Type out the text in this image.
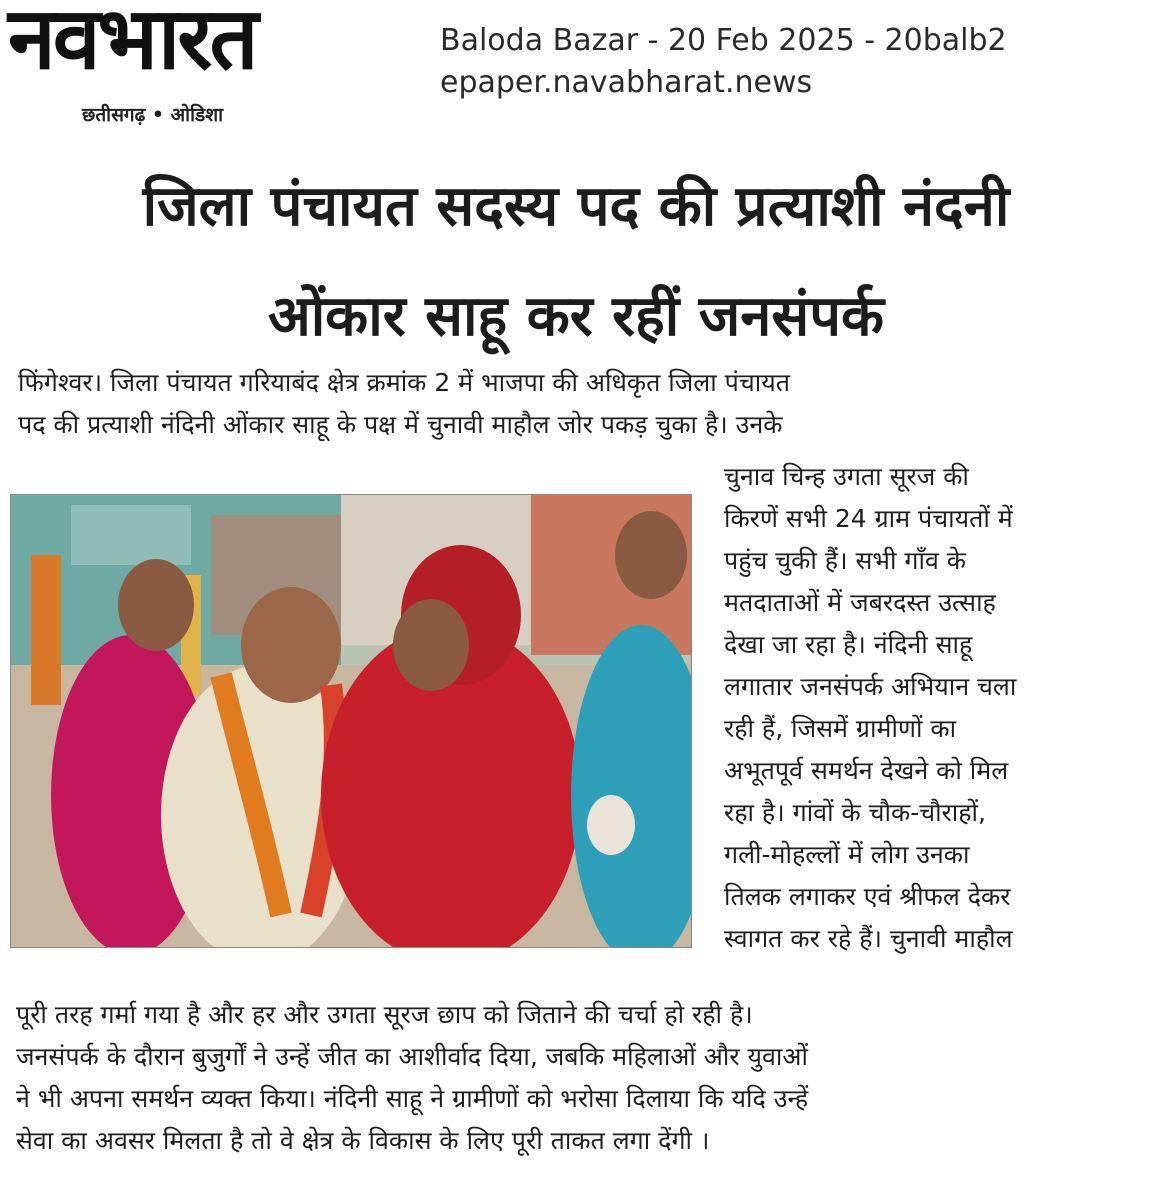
नवभारत
छतीसगढ़ • ओडिशा
Baloda Bazar - 20 Feb 2025 - 20balb2
epaper.navabharat.news
जिला पंचायत सदस्य पद की प्रत्याशी नंदनी
ओंकार साहू कर रहीं जनसंपर्क
फिंगेश्वर। जिला पंचायत गरियाबंद क्षेत्र क्रमांक 2 में भाजपा की अधिकृत जिला पंचायत
पद की प्रत्याशी नंदिनी ओंकार साहू के पक्ष में चुनावी माहौल जोर पकड़ चुका है। उनके
चुनाव चिन्ह उगता सूरज की
किरणें सभी 24 ग्राम पंचायतों में
पहुंच चुकी हैं। सभी गाँव के
मतदाताओं में जबरदस्त उत्साह
देखा जा रहा है। नंदिनी साहू
लगातार जनसंपर्क अभियान चला
रही हैं, जिसमें ग्रामीणों का
अभूतपूर्व समर्थन देखने को मिल
रहा है। गांवों के चौक-चौराहों,
गली-मोहल्लों में लोग उनका
तिलक लगाकर एवं श्रीफल देकर
स्वागत कर रहे हैं। चुनावी माहौल
पूरी तरह गर्मा गया है और हर और उगता सूरज छाप को जिताने की चर्चा हो रही है।
जनसंपर्क के दौरान बुजुर्गों ने उन्हें जीत का आशीर्वाद दिया, जबकि महिलाओं और युवाओं
ने भी अपना समर्थन व्यक्त किया। नंदिनी साहू ने ग्रामीणों को भरोसा दिलाया कि यदि उन्हें
सेवा का अवसर मिलता है तो वे क्षेत्र के विकास के लिए पूरी ताकत लगा देंगी ।
